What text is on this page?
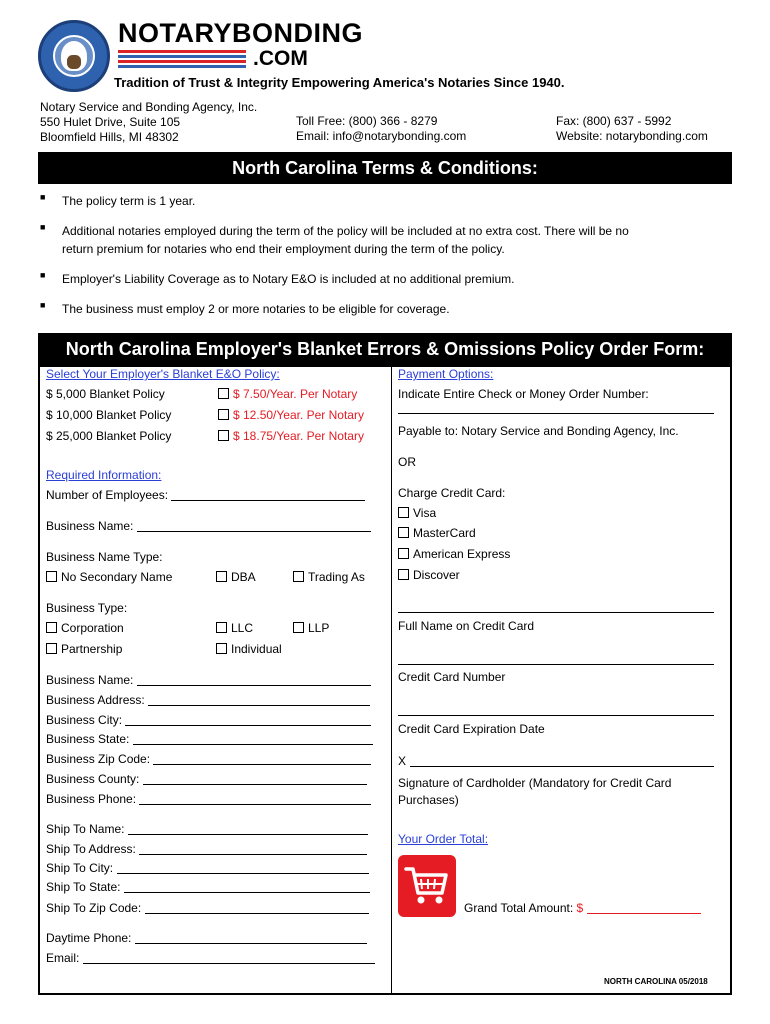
NOTARYBONDING
.COM
Tradition of Trust & Integrity Empowering America's Notaries Since 1940.
Notary Service and Bonding Agency, Inc.
550 Hulet Drive, Suite 105
Bloomfield Hills, MI 48302
Toll Free: (800) 366 - 8279
Email: info@notarybonding.com
Fax: (800) 637 - 5992
Website: notarybonding.com
North Carolina Terms & Conditions:
■ The policy term is 1 year.
■ Additional notaries employed during the term of the policy will be included at no extra cost. There will be no
return premium for notaries who end their employment during the term of the policy.
■ Employer's Liability Coverage as to Notary E&O is included at no additional premium.
■ The business must employ 2 or more notaries to be eligible for coverage.
North Carolina Employer's Blanket Errors & Omissions Policy Order Form:
Select Your Employer's Blanket E&O Policy:
$ 5,000 Blanket Policy	$ 7.50/Year. Per Notary
$ 10,000 Blanket Policy	$ 12.50/Year. Per Notary
$ 25,000 Blanket Policy	$ 18.75/Year. Per Notary
Required Information:
Number of Employees:
Business Name:
Business Name Type:
No Secondary Name	DBA	Trading As
Business Type:
Corporation	LLC	LLP
Partnership	Individual
Business Name:
Business Address:
Business City:
Business State:
Business Zip Code:
Business County:
Business Phone:
Ship To Name:
Ship To Address:
Ship To City:
Ship To State:
Ship To Zip Code:
Daytime Phone:
Email:
Payment Options:
Indicate Entire Check or Money Order Number:
Payable to: Notary Service and Bonding Agency, Inc.
OR
Charge Credit Card:
Visa
MasterCard
American Express
Discover
Full Name on Credit Card
Credit Card Number
Credit Card Expiration Date
X
Signature of Cardholder (Mandatory for Credit Card
Purchases)
Your Order Total:
Grand Total Amount: $
NORTH CAROLINA 05/2018
